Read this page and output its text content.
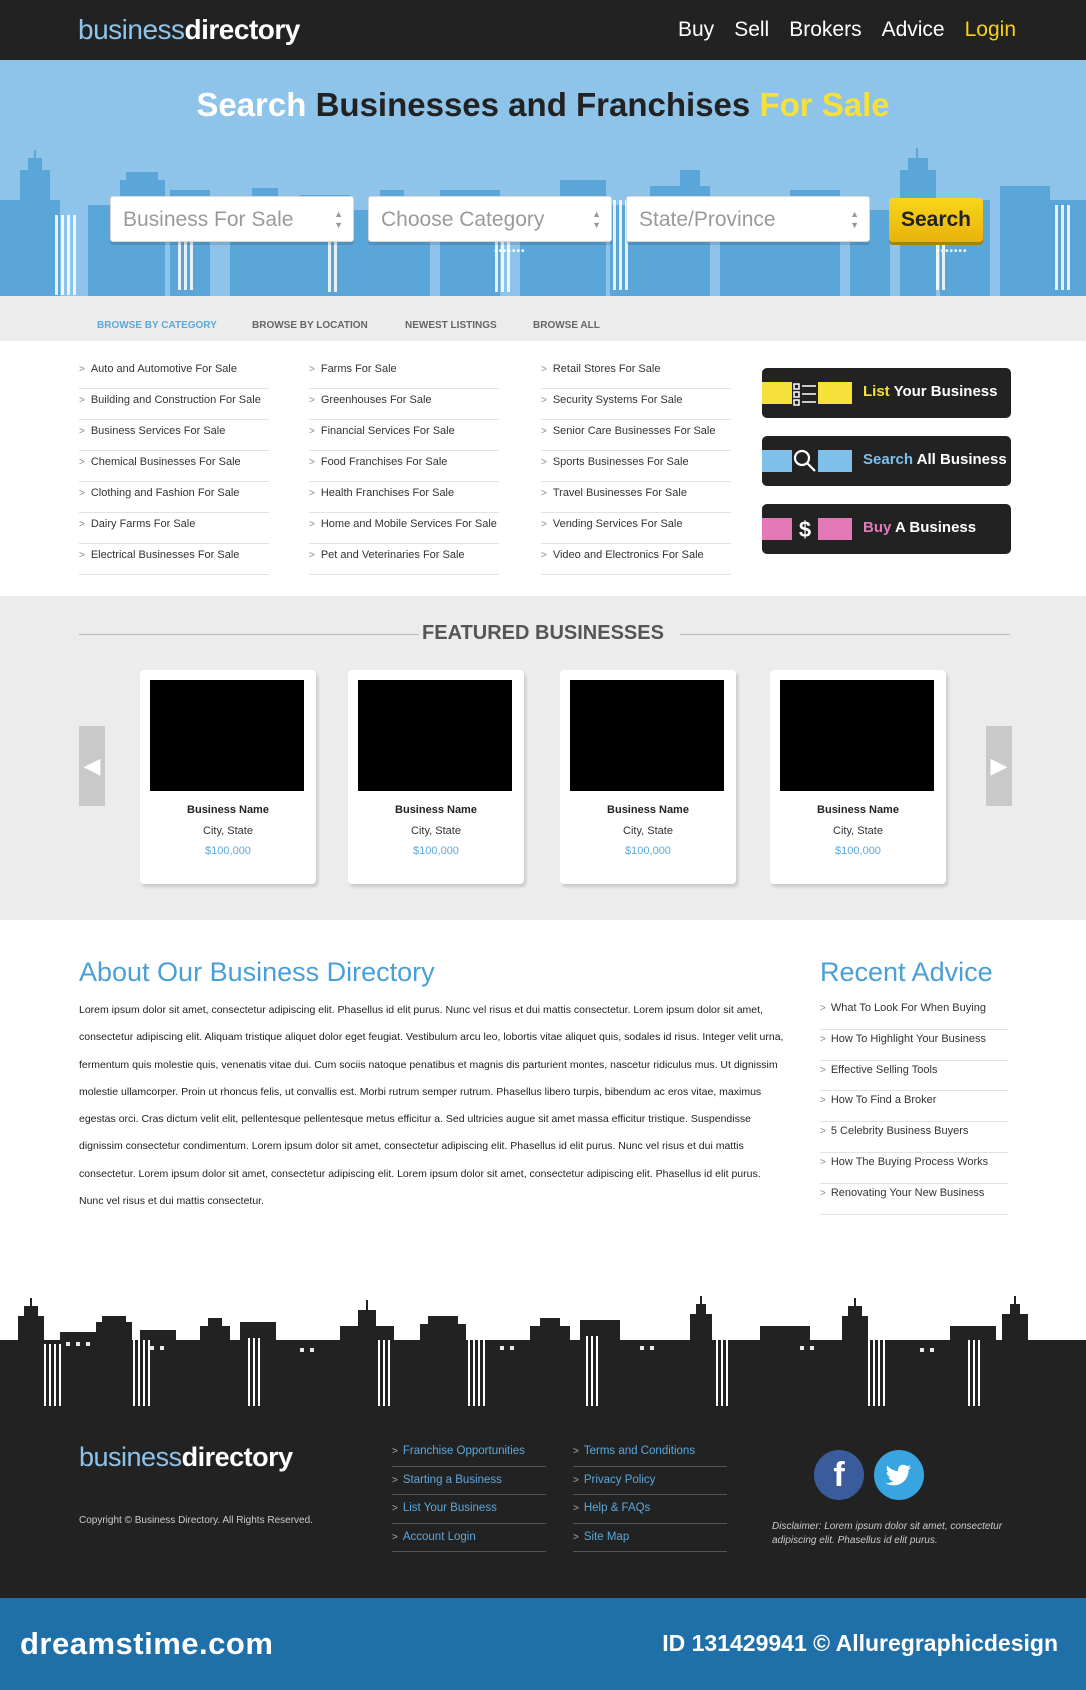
businessdirectory	Buy Sell Brokers Advice Login
Search Businesses and Franchises For Sale
Business For Sale	▲
▼	Choose Category	▲
▼	State/Province	▲
▼	Search
•••••••	•••••••
BROWSE BY CATEGORY	BROWSE BY LOCATION	NEWEST LISTINGS	BROWSE ALL
> Auto and Automotive For Sale
> Building and Construction For Sale
> Business Services For Sale
> Chemical Businesses For Sale
> Clothing and Fashion For Sale
> Dairy Farms For Sale
> Electrical Businesses For Sale
> Farms For Sale
> Greenhouses For Sale
> Financial Services For Sale
> Food Franchises For Sale
> Health Franchises For Sale
> Home and Mobile Services For Sale
> Pet and Veterinaries For Sale
> Retail Stores For Sale
> Security Systems For Sale
> Senior Care Businesses For Sale
> Sports Businesses For Sale
> Travel Businesses For Sale
> Vending Services For Sale
> Video and Electronics For Sale
List Your Business
Search All Business
$	Buy A Business
FEATURED BUSINESSES
◀	▶
Business Name
City, State
$100,000
Business Name
City, State
$100,000
Business Name
City, State
$100,000
Business Name
City, State
$100,000
About Our Business Directory
Lorem ipsum dolor sit amet, consectetur adipiscing elit. Phasellus id elit purus. Nunc vel risus et dui mattis consectetur. Lorem ipsum dolor sit amet, consectetur adipiscing elit. Aliquam tristique aliquet dolor eget feugiat. Vestibulum arcu leo, lobortis vitae aliquet quis, sodales id risus. Integer velit urna, fermentum quis molestie quis, venenatis vitae dui. Cum sociis natoque penatibus et magnis dis parturient montes, nascetur ridiculus mus. Ut dignissim molestie ullamcorper. Proin ut rhoncus felis, ut convallis est. Morbi rutrum semper rutrum. Phasellus libero turpis, bibendum ac eros vitae, maximus egestas orci. Cras dictum velit elit, pellentesque pellentesque metus efficitur a. Sed ultricies augue sit amet massa efficitur tristique. Suspendisse dignissim consectetur condimentum. Lorem ipsum dolor sit amet, consectetur adipiscing elit. Phasellus id elit purus. Nunc vel risus et dui mattis consectetur. Lorem ipsum dolor sit amet, consectetur adipiscing elit. Lorem ipsum dolor sit amet, consectetur adipiscing elit. Phasellus id elit purus. Nunc vel risus et dui mattis consectetur.
Recent Advice
> What To Look For When Buying
> How To Highlight Your Business
> Effective Selling Tools
> How To Find a Broker
> 5 Celebrity Business Buyers
> How The Buying Process Works
> Renovating Your New Business
businessdirectory
Copyright © Business Directory. All Rights Reserved.
> Franchise Opportunities
> Starting a Business
> List Your Business
> Account Login
> Terms and Conditions
> Privacy Policy
> Help & FAQs
> Site Map
f
Disclaimer: Lorem ipsum dolor sit amet, consectetur adipiscing elit. Phasellus id elit purus.
dreamstime.com	ID 131429941 © Alluregraphicdesign
